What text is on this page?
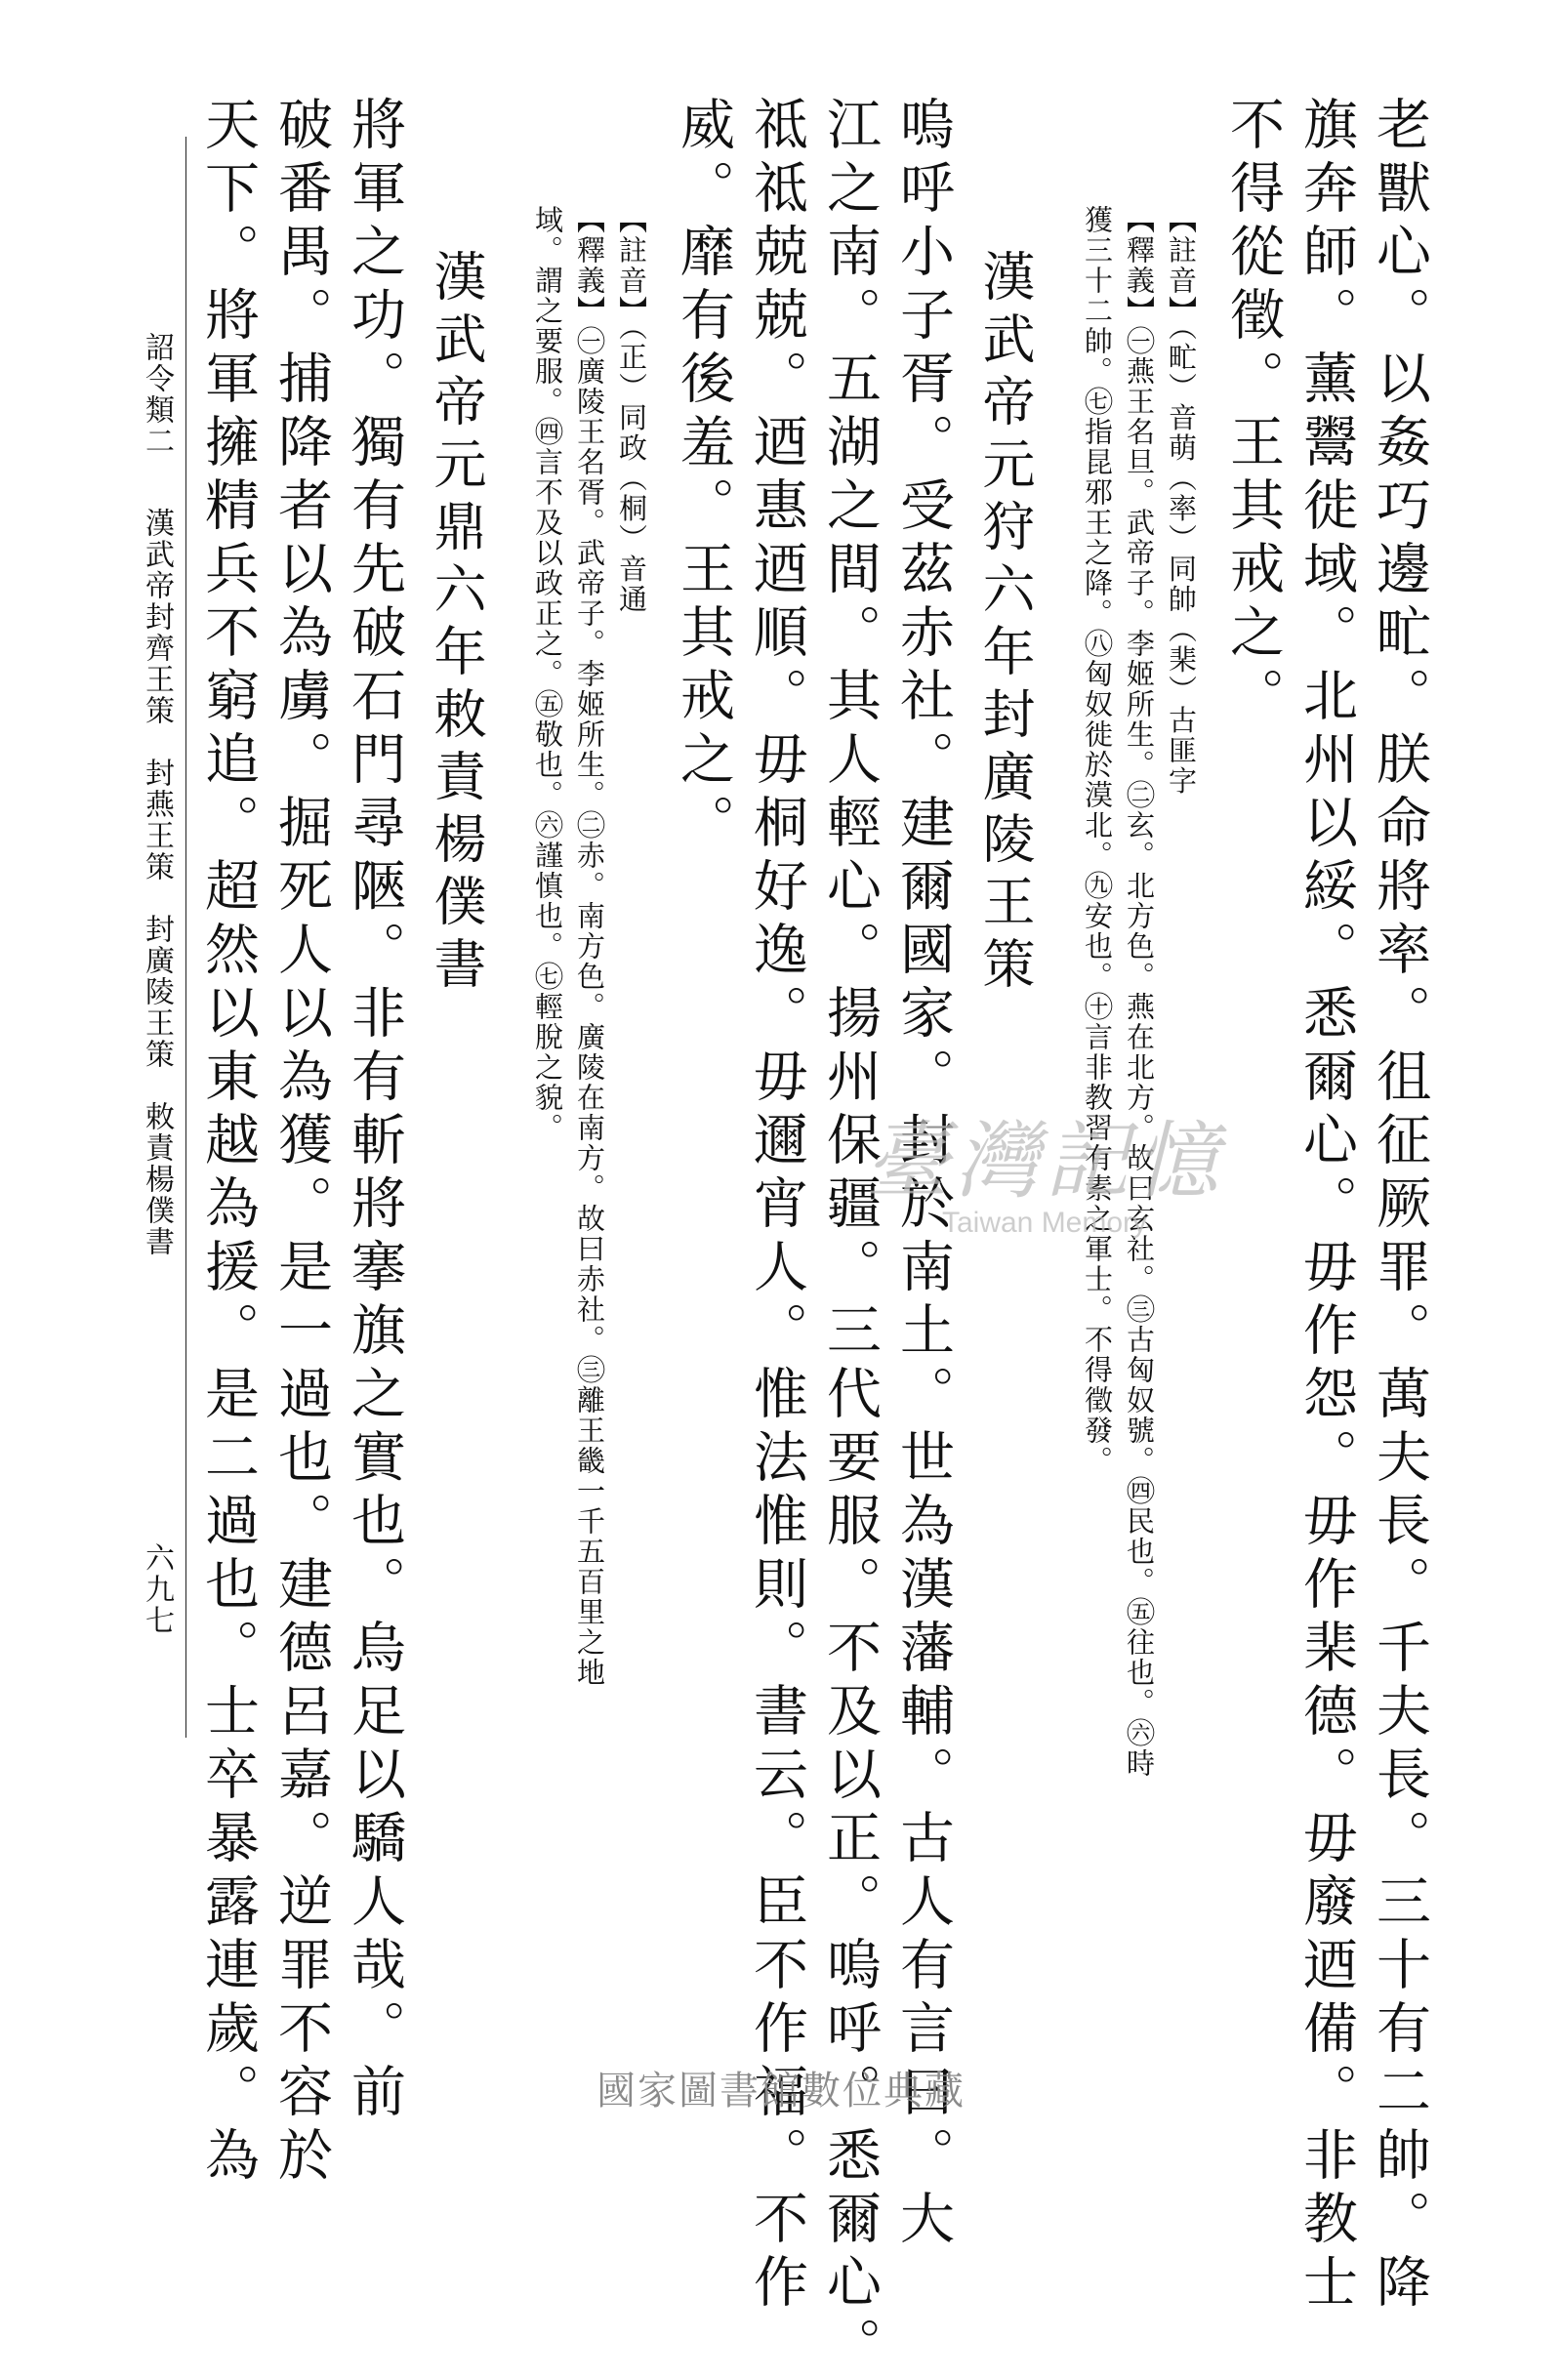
老獸心。以姦巧邊甿。朕命將率。徂征厥罪。萬夫長。千夫長。三十有二帥。降
旗奔師。薰鬻徙域。北州以綏。悉爾心。毋作怨。毋作棐德。毋廢迺備。非教士
不得從徵。王其戒之。
【註音】（甿）音萌（率）同帥（棐）古匪字
【釋義】㊀燕王名旦。武帝子。李姬所生。㊁玄。北方色。燕在北方。故曰玄社。㊂古匈奴號。㊃民也。㊄往也。㊅時
獲三十二帥。㊆指昆邪王之降。㊇匈奴徙於漠北。㊈安也。㊉言非教習有素之軍士。不得徵發。
漢武帝元狩六年封廣陵王策
嗚呼小子胥。受茲赤社。建爾國家。封於南土。世為漢藩輔。古人有言曰。大
江之南。五湖之間。其人輕心。揚州保疆。三代要服。不及以正。嗚呼。悉爾心。
祗祗兢兢。迺惠迺順。毋桐好逸。毋邇宵人。惟法惟則。書云。臣不作福。不作
威。靡有後羞。王其戒之。
【註音】（正）同政（桐）音通
【釋義】㊀廣陵王名胥。武帝子。李姬所生。㊁赤。南方色。廣陵在南方。故曰赤社。㊂離王畿一千五百里之地
域。謂之要服。㊃言不及以政正之。㊄敬也。㊅謹慎也。㊆輕脫之貌。
漢武帝元鼎六年敕責楊僕書
將軍之功。獨有先破石門尋陿。非有斬將搴旗之實也。烏足以驕人哉。前
破番禺。捕降者以為虜。掘死人以為獲。是一過也。建德呂嘉。逆罪不容於
天下。將軍擁精兵不窮追。超然以東越為援。是二過也。士卒暴露連歲。為
詔令類二
漢武帝封齊王策　封燕王策　封廣陵王策　敕責楊僕書
六九七
臺灣記憶
Taiwan Memory
國家圖書館數位典藏
